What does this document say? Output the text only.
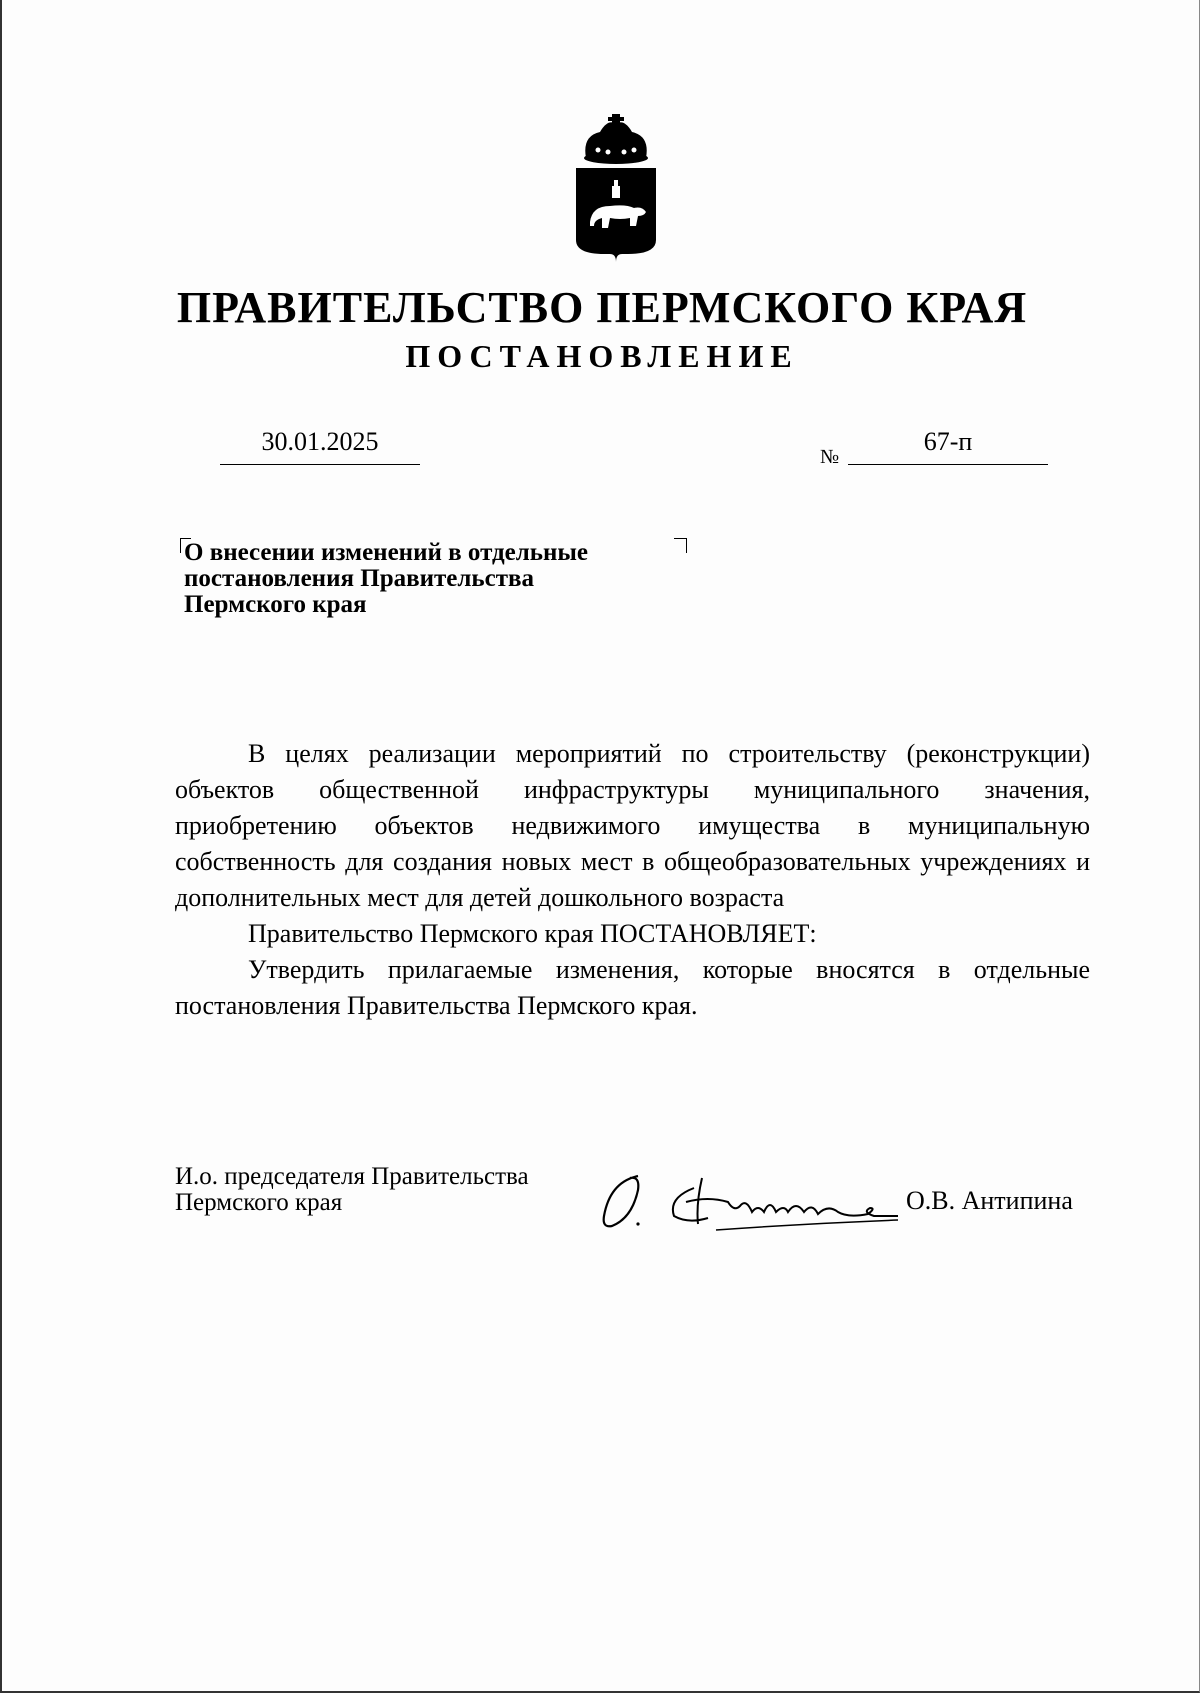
ПРАВИТЕЛЬСТВО ПЕРМСКОГО КРАЯ
ПОСТАНОВЛЕНИЕ
30.01.2025
№
67-п
О внесении изменений в отдельные
постановления Правительства
Пермского края

В целях реализации мероприятий по строительству (реконструкции) объектов общественной инфраструктуры муниципального значения, приобретению объектов недвижимого имущества в муниципальную собственность для создания новых мест в общеобразовательных учреждениях и дополнительных мест для детей дошкольного возраста

Правительство Пермского края ПОСТАНОВЛЯЕТ:

Утвердить прилагаемые изменения, которые вносятся в отдельные постановления Правительства Пермского края.

И.о. председателя Правительства
Пермского края	О.В. Антипина
